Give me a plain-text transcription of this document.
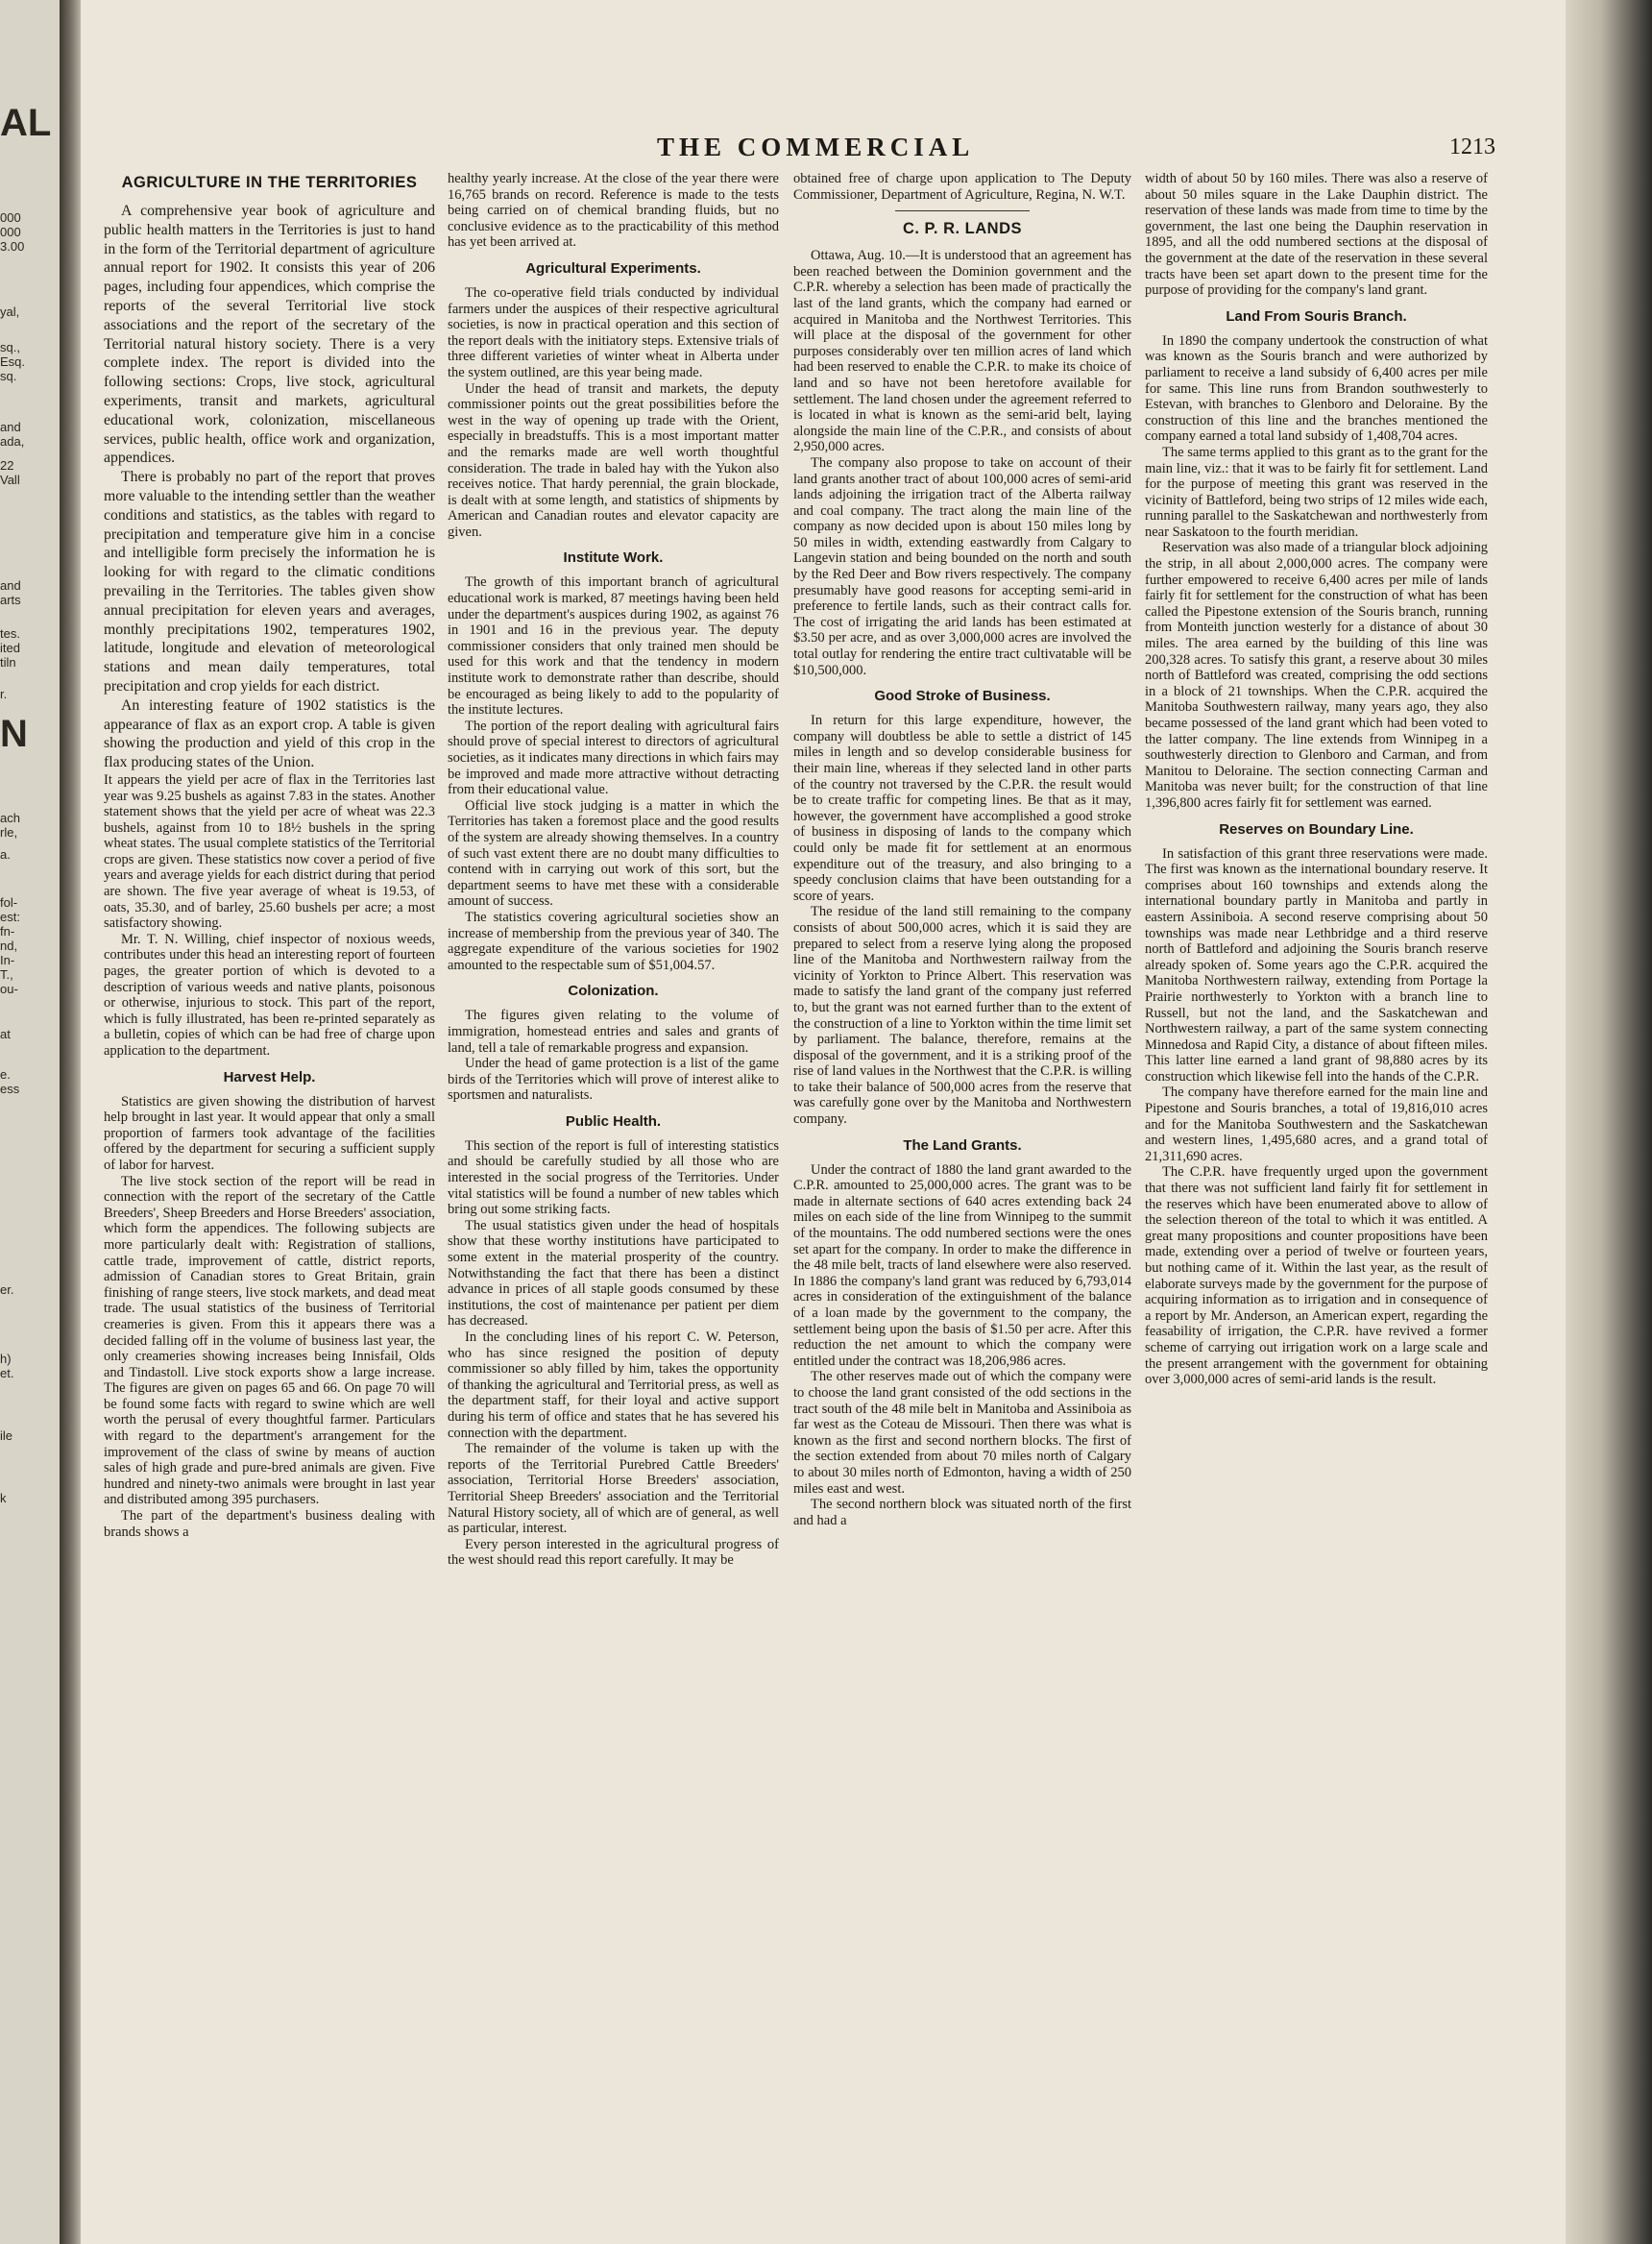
AL
000
000
3.00
yal,
sq.,
Esq.
sq.
and
ada,
22
Vall
and
arts
tes.
ited
tiln
r.
N
ach
rle,
a.
fol-
est:
fn-
nd,
In-
T.,
ou-
at
e.
ess
er.
h)
et.
ile
k
THE COMMERCIAL	1213
AGRICULTURE IN THE TERRITORIES

A comprehensive year book of agriculture and public health matters in the Territories is just to hand in the form of the Territorial department of agriculture annual report for 1902. It consists this year of 206 pages, including four appendices, which comprise the reports of the several Territorial live stock associations and the report of the secretary of the Territorial natural history society. There is a very complete index. The report is divided into the following sections: Crops, live stock, agricultural experiments, transit and markets, agricultural educational work, colonization, miscellaneous services, public health, office work and organization, appendices.

There is probably no part of the report that proves more valuable to the intending settler than the weather conditions and statistics, as the tables with regard to precipitation and temperature give him in a concise and intelligible form precisely the information he is looking for with regard to the climatic conditions prevailing in the Territories. The tables given show annual precipitation for eleven years and averages, monthly precipitations 1902, temperatures 1902, latitude, longitude and elevation of meteorological stations and mean daily temperatures, total precipitation and crop yields for each district.

An interesting feature of 1902 statistics is the appearance of flax as an export crop. A table is given showing the production and yield of this crop in the flax producing states of the Union.

It appears the yield per acre of flax in the Territories last year was 9.25 bushels as against 7.83 in the states. Another statement shows that the yield per acre of wheat was 22.3 bushels, against from 10 to 18½ bushels in the spring wheat states. The usual complete statistics of the Territorial crops are given. These statistics now cover a period of five years and average yields for each district during that period are shown. The five year average of wheat is 19.53, of oats, 35.30, and of barley, 25.60 bushels per acre; a most satisfactory showing.

Mr. T. N. Willing, chief inspector of noxious weeds, contributes under this head an interesting report of fourteen pages, the greater portion of which is devoted to a description of various weeds and native plants, poisonous or otherwise, injurious to stock. This part of the report, which is fully illustrated, has been re-printed separately as a bulletin, copies of which can be had free of charge upon application to the department.

Harvest Help.

Statistics are given showing the distribution of harvest help brought in last year. It would appear that only a small proportion of farmers took advantage of the facilities offered by the department for securing a sufficient supply of labor for harvest.

The live stock section of the report will be read in connection with the report of the secretary of the Cattle Breeders', Sheep Breeders and Horse Breeders' association, which form the appendices. The following subjects are more particularly dealt with: Registration of stallions, cattle trade, improvement of cattle, district reports, admission of Canadian stores to Great Britain, grain finishing of range steers, live stock markets, and dead meat trade. The usual statistics of the business of Territorial creameries is given. From this it appears there was a decided falling off in the volume of business last year, the only creameries showing increases being Innisfail, Olds and Tindastoll. Live stock exports show a large increase. The figures are given on pages 65 and 66. On page 70 will be found some facts with regard to swine which are well worth the perusal of every thoughtful farmer. Particulars with regard to the department's arrangement for the improvement of the class of swine by means of auction sales of high grade and pure-bred animals are given. Five hundred and ninety-two animals were brought in last year and distributed among 395 purchasers.

The part of the department's business dealing with brands shows a

healthy yearly increase. At the close of the year there were 16,765 brands on record. Reference is made to the tests being carried on of chemical branding fluids, but no conclusive evidence as to the practicability of this method has yet been arrived at.

Agricultural Experiments.

The co-operative field trials conducted by individual farmers under the auspices of their respective agricultural societies, is now in practical operation and this section of the report deals with the initiatory steps. Extensive trials of three different varieties of winter wheat in Alberta under the system outlined, are this year being made.

Under the head of transit and markets, the deputy commissioner points out the great possibilities before the west in the way of opening up trade with the Orient, especially in breadstuffs. This is a most important matter and the remarks made are well worth thoughtful consideration. The trade in baled hay with the Yukon also receives notice. That hardy perennial, the grain blockade, is dealt with at some length, and statistics of shipments by American and Canadian routes and elevator capacity are given.

Institute Work.

The growth of this important branch of agricultural educational work is marked, 87 meetings having been held under the department's auspices during 1902, as against 76 in 1901 and 16 in the previous year. The deputy commissioner considers that only trained men should be used for this work and that the tendency in modern institute work to demonstrate rather than describe, should be encouraged as being likely to add to the popularity of the institute lectures.

The portion of the report dealing with agricultural fairs should prove of special interest to directors of agricultural societies, as it indicates many directions in which fairs may be improved and made more attractive without detracting from their educational value.

Official live stock judging is a matter in which the Territories has taken a foremost place and the good results of the system are already showing themselves. In a country of such vast extent there are no doubt many difficulties to contend with in carrying out work of this sort, but the department seems to have met these with a considerable amount of success.

The statistics covering agricultural societies show an increase of membership from the previous year of 340. The aggregate expenditure of the various societies for 1902 amounted to the respectable sum of $51,004.57.

Colonization.

The figures given relating to the volume of immigration, homestead entries and sales and grants of land, tell a tale of remarkable progress and expansion.

Under the head of game protection is a list of the game birds of the Territories which will prove of interest alike to sportsmen and naturalists.

Public Health.

This section of the report is full of interesting statistics and should be carefully studied by all those who are interested in the social progress of the Territories. Under vital statistics will be found a number of new tables which bring out some striking facts.

The usual statistics given under the head of hospitals show that these worthy institutions have participated to some extent in the material prosperity of the country. Notwithstanding the fact that there has been a distinct advance in prices of all staple goods consumed by these institutions, the cost of maintenance per patient per diem has decreased.

In the concluding lines of his report C. W. Peterson, who has since resigned the position of deputy commissioner so ably filled by him, takes the opportunity of thanking the agricultural and Territorial press, as well as the department staff, for their loyal and active support during his term of office and states that he has severed his connection with the department.

The remainder of the volume is taken up with the reports of the Territorial Purebred Cattle Breeders' association, Territorial Horse Breeders' association, Territorial Sheep Breeders' association and the Territorial Natural History society, all of which are of general, as well as particular, interest.

Every person interested in the agricultural progress of the west should read this report carefully. It may be

obtained free of charge upon application to The Deputy Commissioner, Department of Agriculture, Regina, N. W.T.

C. P. R. LANDS

Ottawa, Aug. 10.—It is understood that an agreement has been reached between the Dominion government and the C.P.R. whereby a selection has been made of practically the last of the land grants, which the company had earned or acquired in Manitoba and the Northwest Territories. This will place at the disposal of the government for other purposes considerably over ten million acres of land which had been reserved to enable the C.P.R. to make its choice of land and so have not been heretofore available for settlement. The land chosen under the agreement referred to is located in what is known as the semi-arid belt, laying alongside the main line of the C.P.R., and consists of about 2,950,000 acres.

The company also propose to take on account of their land grants another tract of about 100,000 acres of semi-arid lands adjoining the irrigation tract of the Alberta railway and coal company. The tract along the main line of the company as now decided upon is about 150 miles long by 50 miles in width, extending eastwardly from Calgary to Langevin station and being bounded on the north and south by the Red Deer and Bow rivers respectively. The company presumably have good reasons for accepting semi-arid in preference to fertile lands, such as their contract calls for. The cost of irrigating the arid lands has been estimated at $3.50 per acre, and as over 3,000,000 acres are involved the total outlay for rendering the entire tract cultivatable will be $10,500,000.

Good Stroke of Business.

In return for this large expenditure, however, the company will doubtless be able to settle a district of 145 miles in length and so develop considerable business for their main line, whereas if they selected land in other parts of the country not traversed by the C.P.R. the result would be to create traffic for competing lines. Be that as it may, however, the government have accomplished a good stroke of business in disposing of lands to the company which could only be made fit for settlement at an enormous expenditure out of the treasury, and also bringing to a speedy conclusion claims that have been outstanding for a score of years.

The residue of the land still remaining to the company consists of about 500,000 acres, which it is said they are prepared to select from a reserve lying along the proposed line of the Manitoba and Northwestern railway from the vicinity of Yorkton to Prince Albert. This reservation was made to satisfy the land grant of the company just referred to, but the grant was not earned further than to the extent of the construction of a line to Yorkton within the time limit set by parliament. The balance, therefore, remains at the disposal of the government, and it is a striking proof of the rise of land values in the Northwest that the C.P.R. is willing to take their balance of 500,000 acres from the reserve that was carefully gone over by the Manitoba and Northwestern company.

The Land Grants.

Under the contract of 1880 the land grant awarded to the C.P.R. amounted to 25,000,000 acres. The grant was to be made in alternate sections of 640 acres extending back 24 miles on each side of the line from Winnipeg to the summit of the mountains. The odd numbered sections were the ones set apart for the company. In order to make the difference in the 48 mile belt, tracts of land elsewhere were also reserved. In 1886 the company's land grant was reduced by 6,793,014 acres in consideration of the extinguishment of the balance of a loan made by the government to the company, the settlement being upon the basis of $1.50 per acre. After this reduction the net amount to which the company were entitled under the contract was 18,206,986 acres.

The other reserves made out of which the company were to choose the land grant consisted of the odd sections in the tract south of the 48 mile belt in Manitoba and Assiniboia as far west as the Coteau de Missouri. Then there was what is known as the first and second northern blocks. The first of the section extended from about 70 miles north of Calgary to about 30 miles north of Edmonton, having a width of 250 miles east and west.

The second northern block was situated north of the first and had a

width of about 50 by 160 miles. There was also a reserve of about 50 miles square in the Lake Dauphin district. The reservation of these lands was made from time to time by the government, the last one being the Dauphin reservation in 1895, and all the odd numbered sections at the disposal of the government at the date of the reservation in these several tracts have been set apart down to the present time for the purpose of providing for the company's land grant.

Land From Souris Branch.

In 1890 the company undertook the construction of what was known as the Souris branch and were authorized by parliament to receive a land subsidy of 6,400 acres per mile for same. This line runs from Brandon southwesterly to Estevan, with branches to Glenboro and Deloraine. By the construction of this line and the branches mentioned the company earned a total land subsidy of 1,408,704 acres.

The same terms applied to this grant as to the grant for the main line, viz.: that it was to be fairly fit for settlement. Land for the purpose of meeting this grant was reserved in the vicinity of Battleford, being two strips of 12 miles wide each, running parallel to the Saskatchewan and northwesterly from near Saskatoon to the fourth meridian.

Reservation was also made of a triangular block adjoining the strip, in all about 2,000,000 acres. The company were further empowered to receive 6,400 acres per mile of lands fairly fit for settlement for the construction of what has been called the Pipestone extension of the Souris branch, running from Monteith junction westerly for a distance of about 30 miles. The area earned by the building of this line was 200,328 acres. To satisfy this grant, a reserve about 30 miles north of Battleford was created, comprising the odd sections in a block of 21 townships. When the C.P.R. acquired the Manitoba Southwestern railway, many years ago, they also became possessed of the land grant which had been voted to the latter company. The line extends from Winnipeg in a southwesterly direction to Glenboro and Carman, and from Manitou to Deloraine. The section connecting Carman and Manitoba was never built; for the construction of that line 1,396,800 acres fairly fit for settlement was earned.

Reserves on Boundary Line.

In satisfaction of this grant three reservations were made. The first was known as the international boundary reserve. It comprises about 160 townships and extends along the international boundary partly in Manitoba and partly in eastern Assiniboia. A second reserve comprising about 50 townships was made near Lethbridge and a third reserve north of Battleford and adjoining the Souris branch reserve already spoken of. Some years ago the C.P.R. acquired the Manitoba Northwestern railway, extending from Portage la Prairie northwesterly to Yorkton with a branch line to Russell, but not the land, and the Saskatchewan and Northwestern railway, a part of the same system connecting Minnedosa and Rapid City, a distance of about fifteen miles. This latter line earned a land grant of 98,880 acres by its construction which likewise fell into the hands of the C.P.R.

The company have therefore earned for the main line and Pipestone and Souris branches, a total of 19,816,010 acres and for the Manitoba Southwestern and the Saskatchewan and western lines, 1,495,680 acres, and a grand total of 21,311,690 acres.

The C.P.R. have frequently urged upon the government that there was not sufficient land fairly fit for settlement in the reserves which have been enumerated above to allow of the selection thereon of the total to which it was entitled. A great many propositions and counter propositions have been made, extending over a period of twelve or fourteen years, but nothing came of it. Within the last year, as the result of elaborate surveys made by the government for the purpose of acquiring information as to irrigation and in consequence of a report by Mr. Anderson, an American expert, regarding the feasability of irrigation, the C.P.R. have revived a former scheme of carrying out irrigation work on a large scale and the present arrangement with the government for obtaining over 3,000,000 acres of semi-arid lands is the result.
